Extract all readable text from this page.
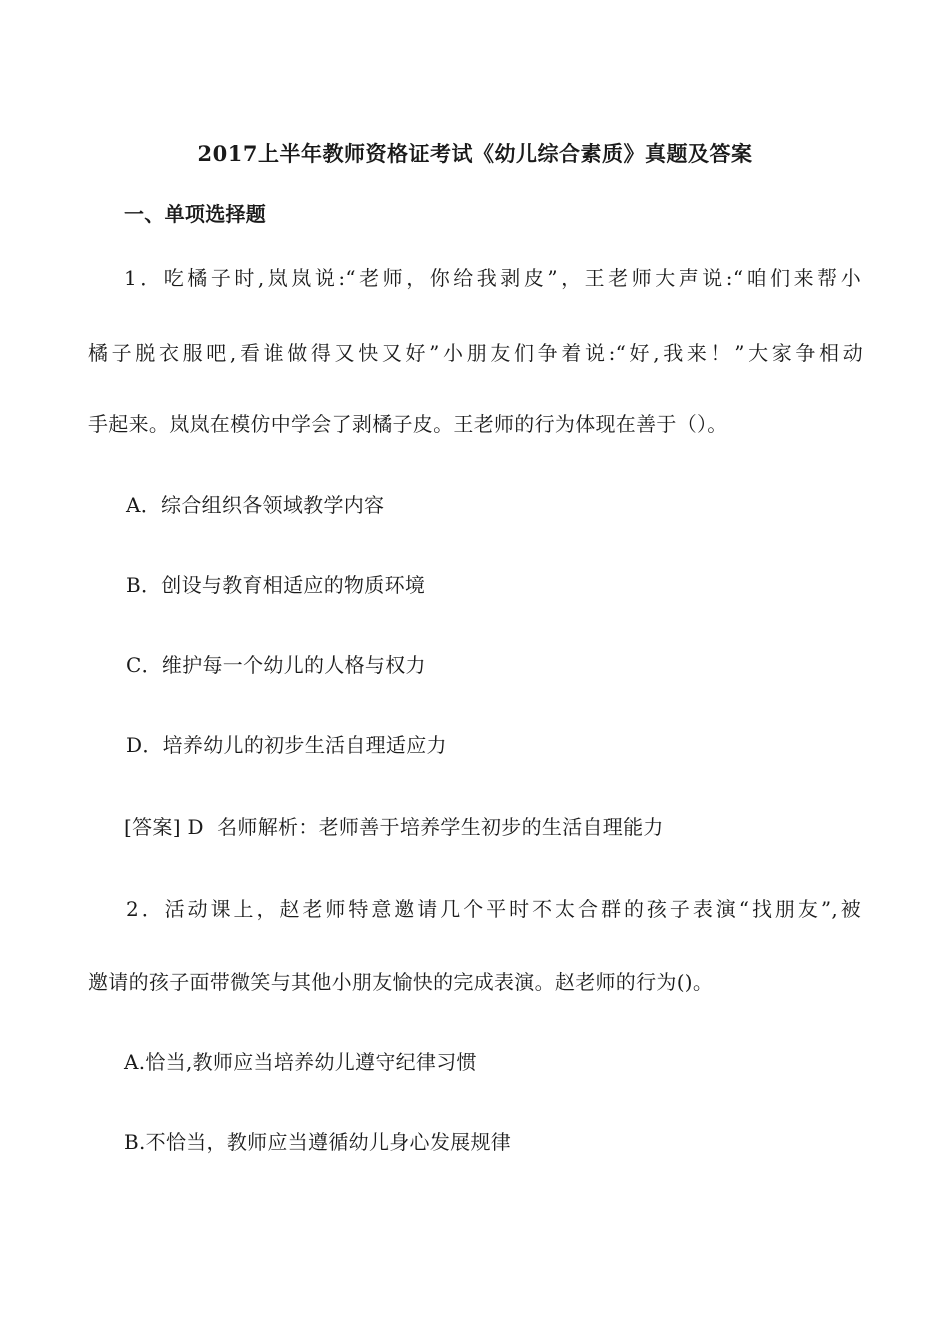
2017上半年教师资格证考试《幼儿综合素质》真题及答案
一、单项选择题
1．吃橘子时,岚岚说:“老师，你给我剥皮”，王老师大声说:“咱们来帮小
橘子脱衣服吧,看谁做得又快又好”小朋友们争着说:“好,我来！”大家争相动
手起来。岚岚在模仿中学会了剥橘子皮。王老师的行为体现在善于（）。
A．综合组织各领域教学内容
B．创设与教育相适应的物质环境
C．维护每一个幼儿的人格与权力
D．培养幼儿的初步生活自理适应力
[答案] D  名师解析：老师善于培养学生初步的生活自理能力
2．活动课上，赵老师特意邀请几个平时不太合群的孩子表演“找朋友”,被
邀请的孩子面带微笑与其他小朋友愉快的完成表演。赵老师的行为()。
A.恰当,教师应当培养幼儿遵守纪律习惯
B.不恰当，教师应当遵循幼儿身心发展规律
